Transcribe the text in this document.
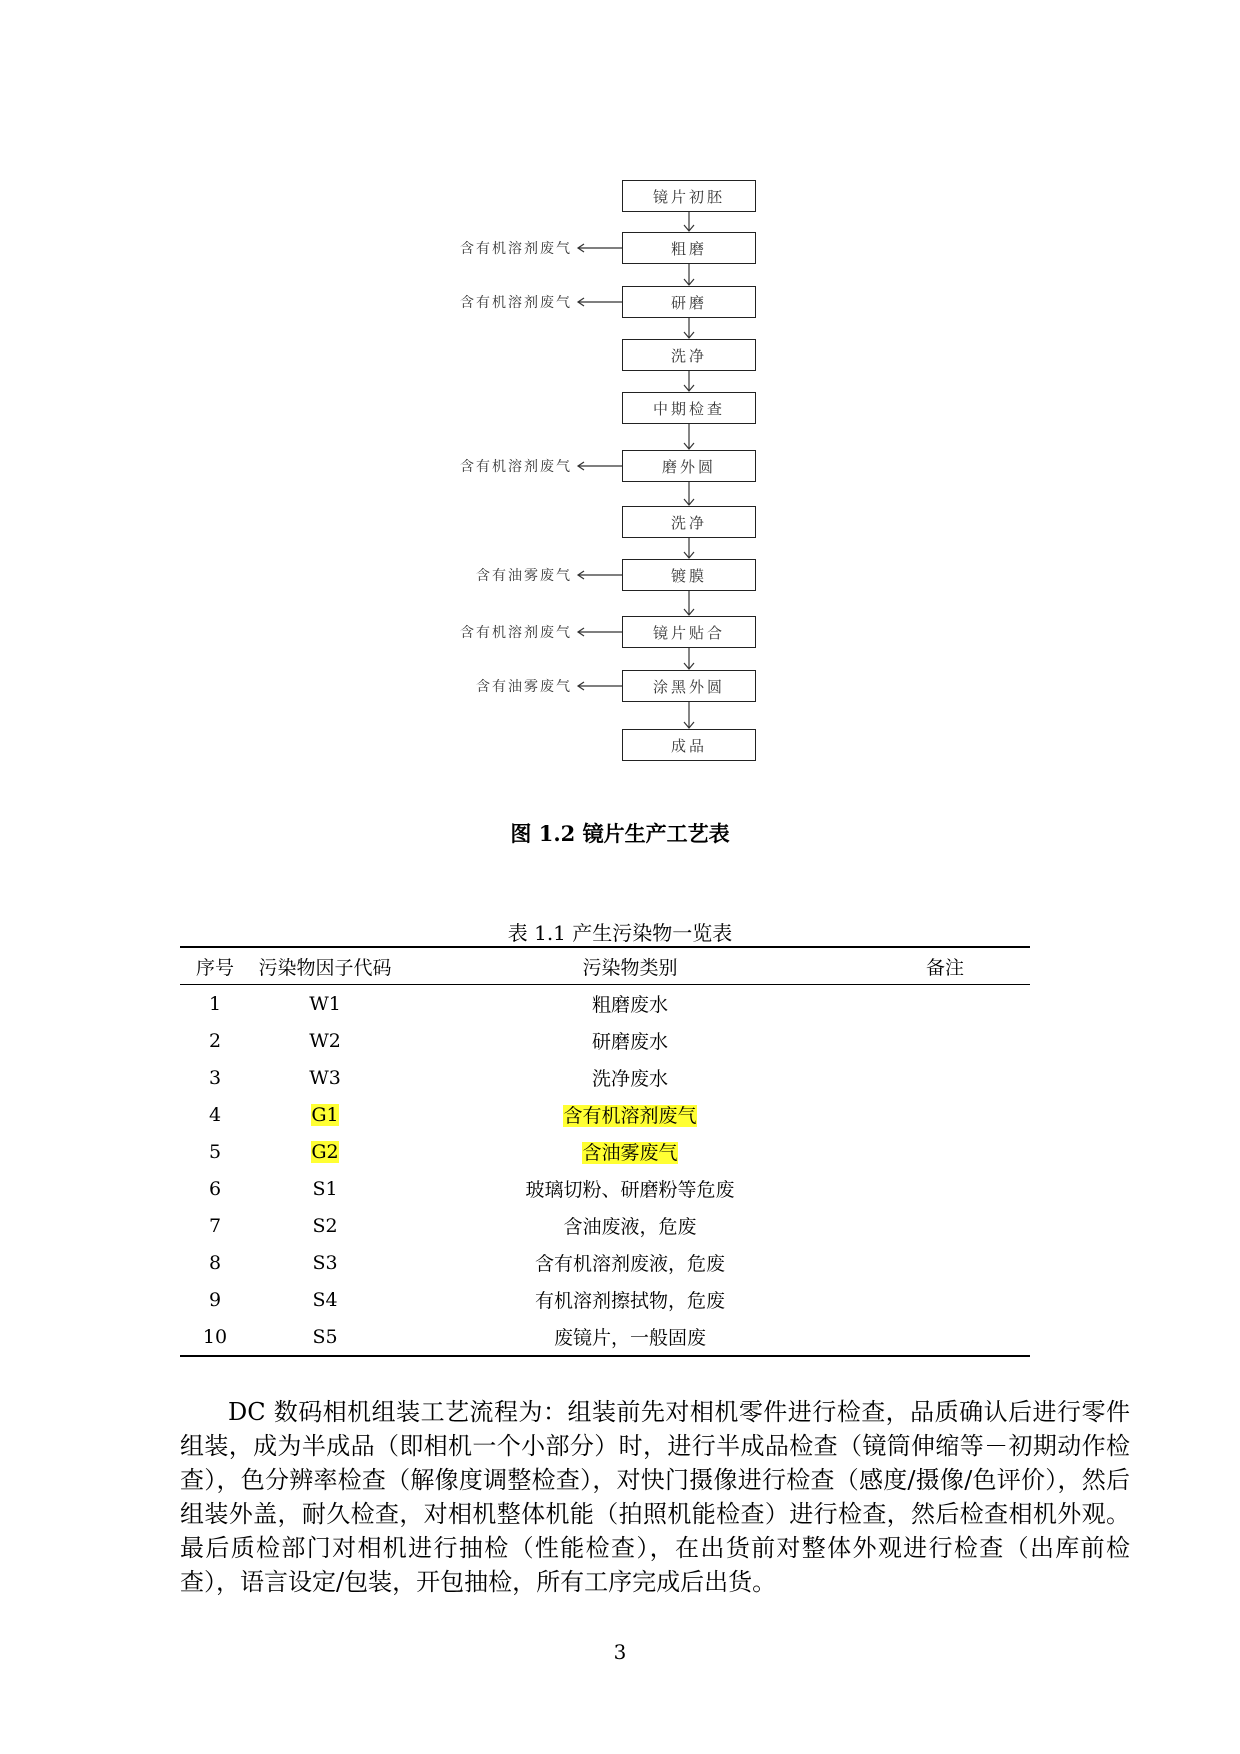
镜片初胚
粗磨
研磨
洗净
中期检查
磨外圆
洗净
镀膜
镜片贴合
涂黑外圆
成品
含有机溶剂废气
含有机溶剂废气
含有机溶剂废气
含有油雾废气
含有机溶剂废气
含有油雾废气
图 1.2 镜片生产工艺表
表 1.1 产生污染物一览表
序号	污染物因子代码	污染物类别	备注
1	W1	粗磨废水	
2	W2	研磨废水	
3	W3	洗净废水	
4	G1	含有机溶剂废气	
5	G2	含油雾废气	
6	S1	玻璃切粉、研磨粉等危废	
7	S2	含油废液，危废	
8	S3	含有机溶剂废液，危废	
9	S4	有机溶剂擦拭物，危废	
10	S5	废镜片，一般固废	

DC 数码相机组装工艺流程为：组装前先对相机零件进行检查，品质确认后进行零件组装，成为半成品（即相机一个小部分）时，进行半成品检查（镜筒伸缩等－初期动作检查），色分辨率检查（解像度调整检查），对快门摄像进行检查（感度/摄像/色评价），然后组装外盖，耐久检查，对相机整体机能（拍照机能检查）进行检查，然后检查相机外观。最后质检部门对相机进行抽检（性能检查），在出货前对整体外观进行检查（出库前检查），语言设定/包装，开包抽检，所有工序完成后出货。

3
